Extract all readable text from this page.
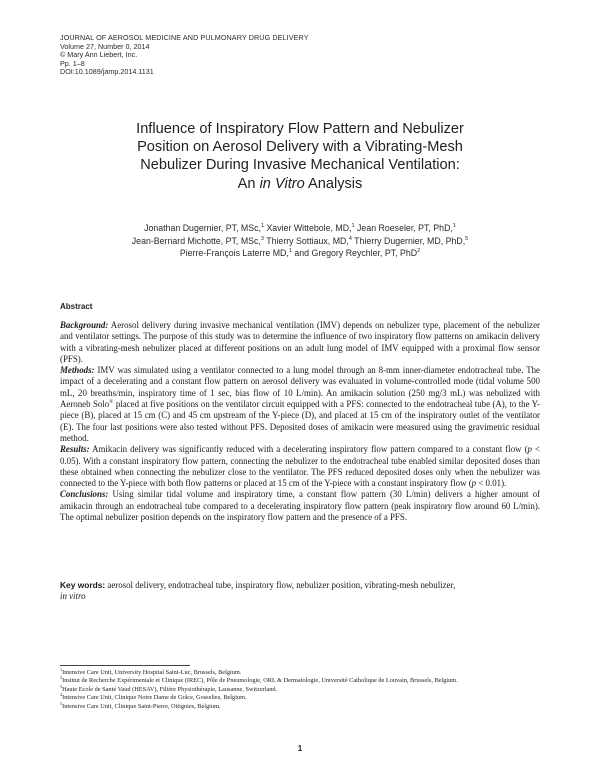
JOURNAL OF AEROSOL MEDICINE AND PULMONARY DRUG DELIVERY
Volume 27, Number 0, 2014
© Mary Ann Liebert, Inc.
Pp. 1–8
DOI:10.1089/jamp.2014.1131
Influence of Inspiratory Flow Pattern and Nebulizer
Position on Aerosol Delivery with a Vibrating-Mesh
Nebulizer During Invasive Mechanical Ventilation:
An in Vitro Analysis
Jonathan Dugernier, PT, MSc,$^1$ Xavier Wittebole, MD,$^1$ Jean Roeseler, PT, PhD,$^1$
Jean-Bernard Michotte, PT, MSc,$^3$ Thierry Sottiaux, MD,$^4$ Thierry Dugernier, MD, PhD,$^5$
Pierre-François Laterre MD,$^1$ and Gregory Reychler, PT, PhD$^2$
Abstract

Background: Aerosol delivery during invasive mechanical ventilation (IMV) depends on nebulizer type, placement of the nebulizer and ventilator settings. The purpose of this study was to determine the influence of two inspiratory flow patterns on amikacin delivery with a vibrating-mesh nebulizer placed at different positions on an adult lung model of IMV equipped with a proximal flow sensor (PFS).

Methods: IMV was simulated using a ventilator connected to a lung model through an 8-mm inner-diameter endotracheal tube. The impact of a decelerating and a constant flow pattern on aerosol delivery was evaluated in volume-controlled mode (tidal volume 500 mL, 20 breaths/min, inspiratory time of 1 sec, bias flow of 10 L/min). An amikacin solution (250 mg/3 mL) was nebulized with Aeroneb Solo® placed at five positions on the ventilator circuit equipped with a PFS: connected to the endotracheal tube (A), to the Y-piece (B), placed at 15 cm (C) and 45 cm upstream of the Y-piece (D), and placed at 15 cm of the inspiratory outlet of the ventilator (E). The four last positions were also tested without PFS. Deposited doses of amikacin were measured using the gravimetric residual method.

Results: Amikacin delivery was significantly reduced with a decelerating inspiratory flow pattern compared to a constant flow (p < 0.05). With a constant inspiratory flow pattern, connecting the nebulizer to the endotracheal tube enabled similar deposited doses than these obtained when connecting the nebulizer close to the ventilator. The PFS reduced deposited doses only when the nebulizer was connected to the Y-piece with both flow patterns or placed at 15 cm of the Y-piece with a constant inspiratory flow (p < 0.01).

Conclusions: Using similar tidal volume and inspiratory time, a constant flow pattern (30 L/min) delivers a higher amount of amikacin through an endotracheal tube compared to a decelerating inspiratory flow pattern (peak inspiratory flow around 60 L/min). The optimal nebulizer position depends on the inspiratory flow pattern and the presence of a PFS.

Key words: aerosol delivery, endotracheal tube, inspiratory flow, nebulizer position, vibrating-mesh nebulizer,
in vitro
$^1$Intensive Care Unit, University Hospital Saint-Luc, Brussels, Belgium.
$^2$Institut de Recherche Expérimentale et Clinique (IREC), Pôle de Pneumologie, ORL & Dermatologie, Université Catholique de Louvain, Brussels, Belgium.
$^3$Haute Ecole de Santé Vaud (HESAV), Filière Physiothérapie, Lausanne, Switzerland.
$^4$Intensive Care Unit, Clinique Notre Dame de Grâce, Gosselies, Belgium.
$^5$Intensive Care Unit, Clinique Saint-Pierre, Ottignies, Belgium.
1
